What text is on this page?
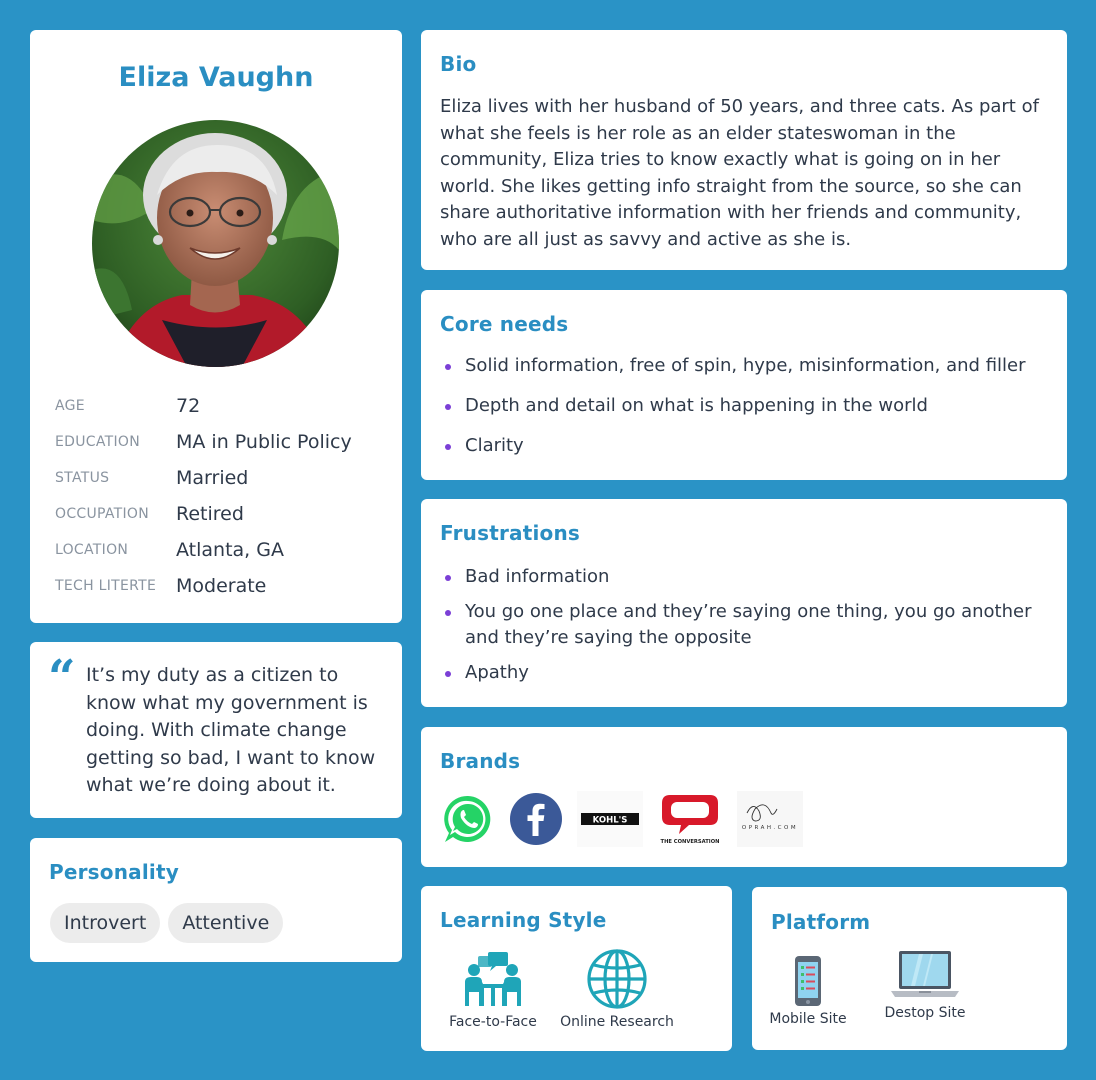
Eliza Vaughn
AGE	72
EDUCATION	MA in Public Policy
STATUS	Married
OCCUPATION	Retired
LOCATION	Atlanta, GA
TECH LITERTE	Moderate
“ It’s my duty as a citizen to know what my government is doing. With climate change getting so bad, I want to know what we’re doing about it.

Personality
Introvert	Attentive
Bio

Eliza lives with her husband of 50 years, and three cats. As part of what she feels is her role as an elder stateswoman in the community, Eliza tries to know exactly what is going on in her world. She likes getting info straight from the source, so she can share authoritative information with her friends and community, who are all just as savvy and active as she is.

Core needs
Solid information, free of spin, hype, misinformation, and filler
Depth and detail on what is happening in the world
Clarity
Frustrations
Bad information
You go one place and they’re saying one thing, you go another and they’re saying the opposite
Apathy
Brands
KOHL'S
THE CONVERSATION
OPRAH.COM
Learning Style
Face-to-Face	Online Research
Platform
Mobile Site	Destop Site
